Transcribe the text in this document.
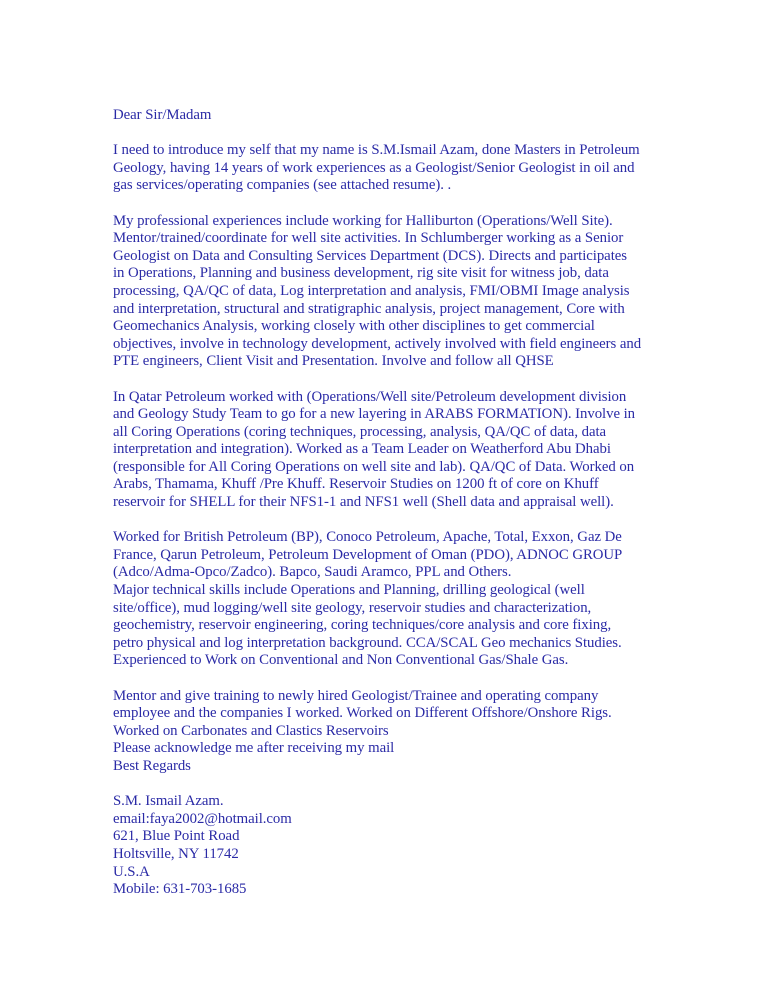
Dear Sir/Madam
I need to introduce my self that my name is S.M.Ismail Azam, done Masters in Petroleum
Geology, having 14 years of work experiences as a Geologist/Senior Geologist in oil and
gas services/operating companies (see attached resume). .
My professional experiences include working for Halliburton (Operations/Well Site).
Mentor/trained/coordinate for well site activities. In Schlumberger working as a Senior
Geologist on Data and Consulting Services Department (DCS). Directs and participates
in Operations, Planning and business development, rig site visit for witness job, data
processing, QA/QC of data, Log interpretation and analysis, FMI/OBMI Image analysis
and interpretation, structural and stratigraphic analysis, project management, Core with
Geomechanics Analysis, working closely with other disciplines to get commercial
objectives, involve in technology development, actively involved with field engineers and
PTE engineers, Client Visit and Presentation. Involve and follow all QHSE
In Qatar Petroleum worked with (Operations/Well site/Petroleum development division
and Geology Study Team to go for a new layering in ARABS FORMATION). Involve in
all Coring Operations (coring techniques, processing, analysis, QA/QC of data, data
interpretation and integration). Worked as a Team Leader on Weatherford Abu Dhabi
(responsible for All Coring Operations on well site and lab). QA/QC of Data. Worked on
Arabs, Thamama, Khuff /Pre Khuff. Reservoir Studies on 1200 ft of core on Khuff
reservoir for SHELL for their NFS1-1 and NFS1 well (Shell data and appraisal well).
Worked for British Petroleum (BP), Conoco Petroleum, Apache, Total, Exxon, Gaz De
France, Qarun Petroleum, Petroleum Development of Oman (PDO), ADNOC GROUP
(Adco/Adma-Opco/Zadco). Bapco, Saudi Aramco, PPL and Others.
Major technical skills include Operations and Planning, drilling geological (well
site/office), mud logging/well site geology, reservoir studies and characterization,
geochemistry, reservoir engineering, coring techniques/core analysis and core fixing,
petro physical and log interpretation background. CCA/SCAL Geo mechanics Studies.
Experienced to Work on Conventional and Non Conventional Gas/Shale Gas.
Mentor and give training to newly hired Geologist/Trainee and operating company
employee and the companies I worked. Worked on Different Offshore/Onshore Rigs.
Worked on Carbonates and Clastics Reservoirs
Please acknowledge me after receiving my mail
Best Regards
S.M. Ismail Azam.
email:faya2002@hotmail.com
621, Blue Point Road
Holtsville, NY 11742
U.S.A
Mobile: 631-703-1685
